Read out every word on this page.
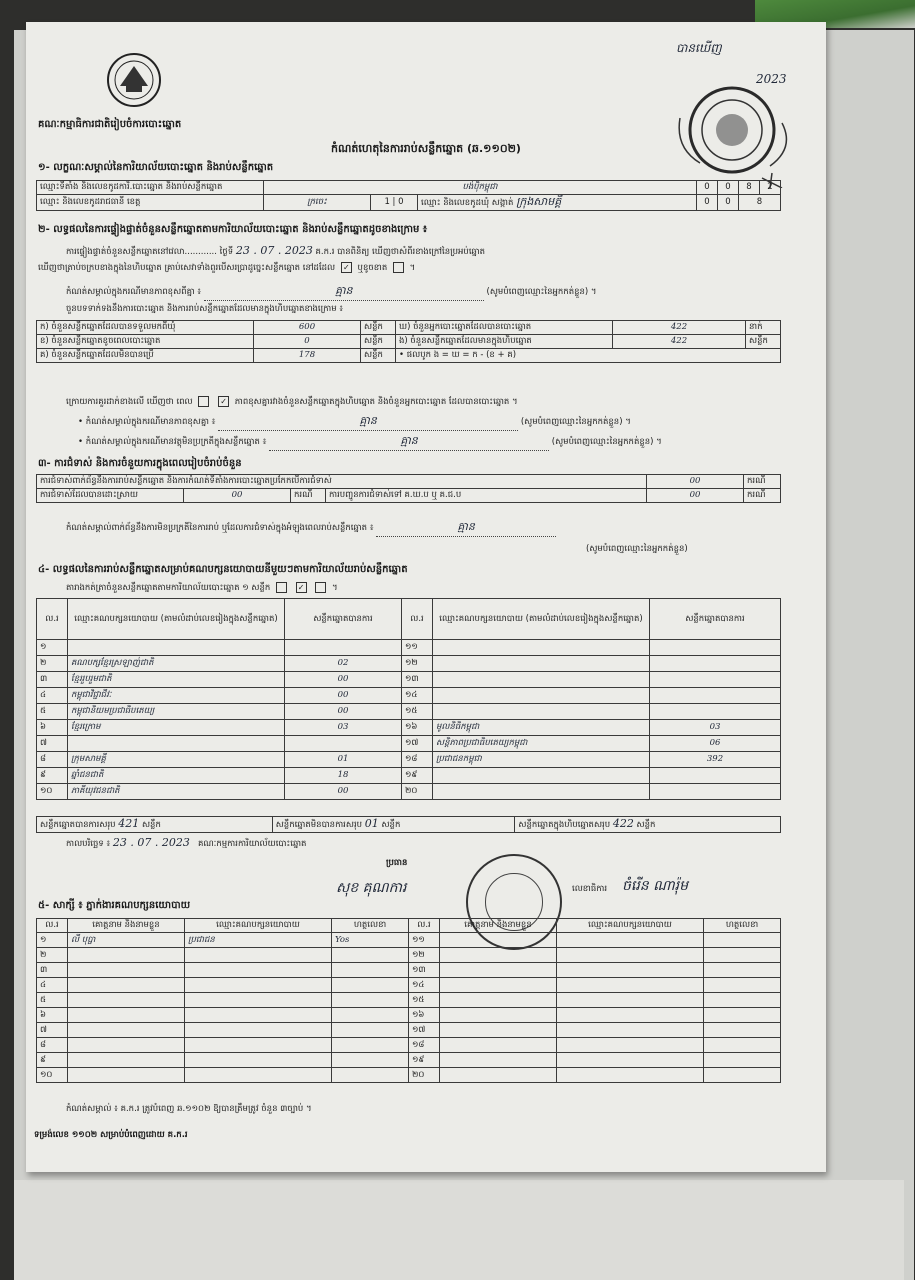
គណៈកម្មាធិការជាតិរៀបចំការបោះឆ្នោត
បានឃើញ
2023
កំណត់ហេតុនៃការរាប់សន្លឹកឆ្នោត (ឆ.១១០២)
១- លក្ខណៈសម្គាល់នៃការិយាល័យបោះឆ្នោត និងរាប់សន្លឹកឆ្នោត
ឈ្មោះទីតាំង និងលេខកូដការិ.បោះឆ្នោត និងរាប់សន្លឹកឆ្នោត	បង់ប៉ិកម្ពុជា			0	0	8	2
ឈ្មោះ និងលេខកូដរាជធានី ខេត្ត	ក្រចេះ	1 | 0	ឈ្មោះ និងលេខកូដឃុំ សង្កាត់ ក្រុងសាមគ្គី	0	0	8	
២- លទ្ធផលនៃការផ្ទៀងផ្ទាត់ចំនួនសន្លឹកឆ្នោតតាមការិយាល័យបោះឆ្នោត និងរាប់សន្លឹកឆ្នោតដូចខាងក្រោម ៖
ការផ្ទៀងផ្ទាត់ចំនួនសន្លឹកឆ្នោតនៅវេលា............ ថ្ងៃទី 23 . 07 . 2023 គ.ក.រ បានពិនិត្យ ឃើញថាសំពីរខាងក្រៅនៃប្រអប់ឆ្នោត
ឃើញថាត្រាប់ចក្របខាងក្នុងនៃហិបឆ្នោត គ្រាប់សេវាទាំងពួរបើសរប្រាដូច្នេះសន្លឹកឆ្នោត នៅដដែល ✓ ឬខូចខាត  ។
កំណត់សម្គាល់ក្នុងករណីមានភាពខុសពីគ្នា ៖	គ្មាន	(សូមបំពេញឈ្មោះនៃអ្នកកត់ខ្លួន) ។
ចួនបទទាក់ទងនឹងការបោះឆ្នោត និងការរាប់សន្លឹកឆ្នោតដែលមានក្នុងហិបឆ្នោតខាងក្រោម ៖
ក) ចំនួនសន្លឹកឆ្នោតដែលបានទទួលមកពីឃុំ	600	សន្លឹក	ឃ) ចំនួនអ្នកបោះឆ្នោតដែលបានបោះឆ្នោត	422	នាក់
ខ) ចំនួនសន្លឹកឆ្នោតខូចពេលបោះឆ្នោត	0	សន្លឹក	ង) ចំនួនសន្លឹកឆ្នោតដែលមានក្នុងហិបឆ្នោត	422	សន្លឹក
គ) ចំនួនសន្លឹកឆ្នោតដែលមិនបានប្រើ	178	សន្លឹក	• ផលបូក ង = ឃ = ក - (ខ + គ)		
ក្រោយការគួរដាក់ខាងលើ ឃើញថា ពេល	✓ ភាពខុសគ្នារវាងចំនួនសន្លឹកឆ្នោតក្នុងហិបឆ្នោត និងចំនួនអ្នកបោះឆ្នោត ដែលបានបោះឆ្នោត ។
• កំណត់សម្គាល់ក្នុងករណីមានភាពខុសគ្នា ៖	គ្មាន	(សូមបំពេញឈ្មោះនៃអ្នកកត់ខ្លួន) ។
• កំណត់សម្គាល់ក្នុងករណីមានវត្ថុមិនប្រក្រតីក្នុងសន្លឹកឆ្នោត ៖	គ្មាន	(សូមបំពេញឈ្មោះនៃអ្នកកត់ខ្លួន) ។
៣- ការជំទាស់ និងការចំនួយការក្នុងពេលរៀបចំរាប់ចំនួន
ការជំទាស់ពាក់ព័ន្ធនឹងការរាប់សន្លឹកឆ្នោត និងការកំណត់ទីតាំងការបោះឆ្នោតប្រកែកបើការជំទាស់				00	ករណី
ការជំទាស់ដែលបានដោះស្រាយ	00	ករណី	ការបញ្ជូនការជំទាស់ទៅ គ.ឃ.ប ឬ គ.ជ.ប	00	ករណី
កំណត់សម្គាល់ពាក់ព័ន្ធនឹងការមិនប្រក្រតីនៃការរាប់ ឬដែលការជំទាស់ក្នុងអំឡុងពេលរាប់សន្លឹកឆ្នោត ៖	គ្មាន
(សូមបំពេញឈ្មោះនៃអ្នកកត់ខ្លួន)
៤- លទ្ធផលនៃការរាប់សន្លឹកឆ្នោតសម្រាប់គណបក្សនយោបាយនីមួយៗតាមការិយាល័យរាប់សន្លឹកឆ្នោត
តារាងកត់ត្រាចំនួនសន្លឹកឆ្នោតតាមការិយាល័យបោះឆ្នោត ១ សន្លឹក	✓	។
ល.រ	ឈ្មោះគណបក្សនយោបាយ (តាមលំដាប់លេខរៀងក្នុងសន្លឹកឆ្នោត)	សន្លឹកឆ្នោតបានការ	ល.រ	ឈ្មោះគណបក្សនយោបាយ (តាមលំដាប់លេខរៀងក្នុងសន្លឹកឆ្នោត)	សន្លឹកឆ្នោតបានការ
១			១១		
២	គណបក្សខ្មែរស្រឡាញ់ជាតិ	02	១២		
៣	ខ្មែររួបរួមជាតិ	00	១៣		
៤	កម្ពុជាវិជ្ជាជីវៈ	00	១៤		
៥	កម្ពុជានិយមប្រជាធិបតេយ្យ	00	១៥		
៦	ខ្មែរក្រោម	03	១៦	មូលនិធិកម្ពុជា	03
៧			១៧	សន្តិភាពប្រជាធិបតេយ្យកម្ពុជា	06
៨	ក្រុមសាមគ្គី	01	១៨	ប្រជាជនកម្ពុជា	392
៩	ឆ្នាំជនជាតិ	18	១៩		
១០	ភាគីយុវជនជាតិ	00	២០		
សន្លឹកឆ្នោតបានការសរុប 421 សន្លឹក	សន្លឹកឆ្នោតមិនបានការសរុប 01 សន្លឹក	សន្លឹកឆ្នោតក្នុងហិបឆ្នោតសរុប 422 សន្លឹក
កាលបរិច្ឆេទ ៖ 23 . 07 . 2023 គណៈកម្មការការិយាល័យបោះឆ្នោត
ប្រធាន
សុខ គុណការ	លេខាធិការ ចំរើន ណារ៉ុម
៥- សាក្សី ៖ ភ្នាក់ងារគណបក្សនយោបាយ
ល.រ	គោត្តនាម និងនាមខ្លួន	ឈ្មោះគណបក្សនយោបាយ	ហត្ថលេខា	ល.រ	គោត្តនាម និងនាមខ្លួន	ឈ្មោះគណបក្សនយោបាយ	ហត្ថលេខា
១	លី បុប្ផា	ប្រជាជន	Yos	១១			
២				១២			
៣				១៣			
៤				១៤			
៥				១៥			
៦				១៦			
៧				១៧			
៨				១៨			
៩				១៩			
១០				២០			
កំណត់សម្គាល់ ៖ គ.ក.រ ត្រូវបំពេញ ឆ.១១០២ ឱ្យបានត្រឹមត្រូវ ចំនួន ៣ច្បាប់ ។
ទម្រង់លេខ ១១០២ សម្រាប់បំពេញដោយ គ.ក.រ
